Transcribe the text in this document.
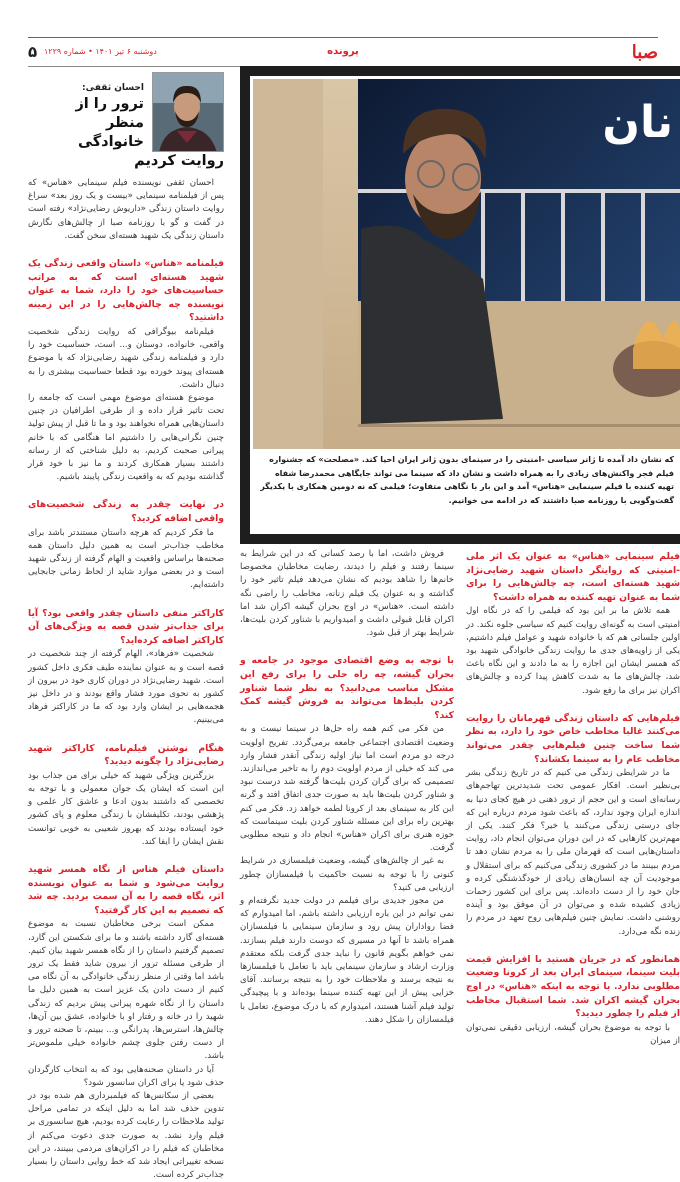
صبا
پرونده
دوشنبه ۶ تیر ۱۴۰۱ • شماره ۱۲۲۹
۵
احسان ثقفی:
ترور را از منظر خانوادگی روایت کردیم

احسان ثقفی نویسنده فیلم سینمایی «هناس» که پس از فیلمنامه سینمایی «بیست و یک روز بعد» سراغ روایت داستان زندگی «داریوش رضایی‌نژاد» رفته است در گفت و گو با روزنامه صبا از چالش‌های نگارش داستان زندگی یک شهید هسته‌ای سخن گفت.

فیلمنامه «هناس» داستان واقعی زندگی یک شهید هسته‌ای است که به مراتب حساسیت‌های خود را دارد، شما به عنوان نویسنده چه چالش‌هایی را در این زمینه داشتید؟

فیلم‌نامه بیوگرافی که روایت زندگی شخصیت واقعی، خانواده، دوستان و... است، حساسیت خود را دارد و فیلمنامه زندگی شهید رضایی‌نژاد که با موضوع هسته‌ای پیوند خورده بود قطعا حساسیت بیشتری را به دنبال داشت.

موضوع هسته‌ای موضوع مهمی است که جامعه را تحت تاثیر قرار داده و از طرفی اطرافیان در چنین داستان‌هایی همراه نخواهند بود و ما تا قبل از پیش تولید چنین نگرانی‌هایی را داشتیم اما هنگامی که با خانم پیرانی صحبت کردیم، به دلیل شناختی که از رسانه داشتند بسیار همکاری کردند و ما نیز با خود قرار گذاشته بودیم که به واقعیت زندگی پایبند باشیم.

در نهایت چقدر به زندگی شخصیت‌های واقعی اضافه کردید؟

ما فکر کردیم که هرچه داستان مستندتر باشد برای مخاطب جذاب‌تر است به همین دلیل داستان همه صحنه‌ها براساس واقعیت و الهام گرفته از زندگی شهید است و در بعضی موارد شاید از لحاظ زمانی جابجایی داشته‌ایم.

کاراکتر منفی داستان چقدر واقعی بود؟ آیا برای جذاب‌تر شدن قصه به ویژگی‌های آن کاراکتر اضافه کرده‌اید؟

شخصیت «فرهاد»، الهام گرفته از چند شخصیت در قصه است و به عنوان نماینده طیف فکری داخل کشور است. شهید رضایی‌نژاد در دوران کاری خود در بیرون از کشور به نحوی مورد فشار واقع بودند و در داخل نیز هجمه‌هایی بر ایشان وارد بود که ما در کاراکتر فرهاد می‌بینیم.

هنگام نوشتن فیلم‌نامه، کاراکتر شهید رضایی‌نژاد را چگونه دیدید؟

بزرگترین ویژگی شهید که خیلی برای من جذاب بود این است که ایشان یک جوان معمولی و با توجه به تخصصی که داشتند بدون ادعا و عاشق کار علمی و پژهشی بودند، تکلیفشان با زندگی معلوم و پای کشور خود ایستاده بودند که بهروز شعیبی به خوبی توانست نقش ایشان را ایفا کند.

داستان فیلم هناس از نگاه همسر شهید روایت می‌شود و شما به عنوان نویسنده اثر، نگاه قصه را به آن سمت بردید. چه شد که تصمیم به این کار گرفتید؟

ممکن است برخی مخاطبان نسبت به موضوع هسته‌ای گارد داشته باشند و ما برای شکستن این گارد، تصمیم گرفتیم داستان را از نگاه همسر شهید بیان کنیم. از طرفی مسئله ترور از بیرون شاید فقط یک ترور باشد اما وقتی از منظر زندگی خانوادگی به آن نگاه می کنیم از دست دادن یک عزیز است به همین دلیل ما داستان را از نگاه شهره پیرانی پیش بردیم که زندگی شهید را در خانه و رفتار او با خانواده، عشق بین آن‌ها، چالش‌ها، استرس‌ها، پدرانگی و... ببینم، تا صحنه ترور و از دست رفتن جلوی چشم خانواده خیلی ملموس‌تر باشد.

آیا در داستان صحنه‌هایی بود که به انتخاب کارگردان حذف شود یا برای اکران سانسور شود؟

بعضی از سکانس‌ها که فیلمبرداری هم شده بود در تدوین حذف شد اما به دلیل اینکه در تمامی مراحل تولید ملاحظات را رعایت کرده بودیم، هیچ سانسوری بر فیلم وارد نشد. به صورت جدی دعوت می‌کنم از مخاطبان که فیلم را در اکران‌های مردمی ببینند، در این نسخه تغییراتی ایجاد شد که خط روایی داستان را بسیار جذاب‌تر کرده است.

نان
که نشان داد آمده تا ژانر سیاسی -امنیتی را در سینمای بدون ژانر ایران احیا کند. «مصلحت» که جشنواره فیلم فجر واکنش‌های زیادی را به همراه داشت و نشان داد که سینما می تواند جایگاهی محمدرضا شفاه تهیه کننده با فیلم سینمایی «هناس» آمد و این بار با نگاهی متفاوت؛ فیلمی که نه دومین همکاری با یکدیگر گفت‌وگویی با روزنامه صبا داشتند که در ادامه می خوانیم.

فروش داشت، اما با رصد کسانی که در این شرایط به سینما رفتند و فیلم را دیدند، رضایت مخاطبان مخصوصا خانم‌ها را شاهد بودیم که نشان می‌دهد فیلم تاثیر خود را گذاشته و به عنوان یک فیلم زنانه، مخاطب را راضی نگه داشته است. «هناس» در اوج بحران گیشه اکران شد اما اکران قابل قبولی داشت و امیدواریم با شناور کردن بلیت‌ها، شرایط بهتر از قبل شود.

با توجه به وضع اقتصادی موجود در جامعه و بحران گیشه، چه راه حلی را برای رفع این مشکل مناسب می‌دانید؟ به نظر شما شناور کردن بلیط‌ها می‌تواند به فروش گیشه کمک کند؟

من فکر می کنم همه راه حل‌ها در سینما نیست و به وضعیت اقتصادی اجتماعی جامعه برمی‌گردد. تفریح اولویت درجه دو مردم است اما نیاز اولیه زندگی آنقدر فشار وارد می کند که خیلی از مردم اولویت دوم را به تاخیر می‌اندازند. تصمیمی که برای گران کردن بلیت‌ها گرفته شد درست نبود و شناور کردن بلیت‌ها باید به صورت جدی اتفاق افتد و گرنه این کار به سینمای بعد از کرونا لطمه خواهد زد. فکر می کنم بهترین راه برای این مسئله شناور کردن بلیت سینماست که حوزه هنری برای اکران «هناس» انجام داد و نتیجه مطلوبی گرفت.

به غیر از چالش‌های گیشه، وضعیت فیلمسازی در شرایط کنونی را با توجه به نسبت حاکمیت با فیلمسازان چطور ارزیابی می کنید؟

من مجوز جدیدی برای فیلمم در دولت جدید نگرفته‌ام و نمی توانم در این باره ارزیابی داشته باشم، اما امیدوارم که فضا رواداران پیش رود و سازمان سینمایی با فیلمسازان همراه باشد تا آنها در مسیری که دوست دارند فیلم بسازند. نمی خواهم بگویم قانون را نباید جدی گرفت بلکه معتقدم وزارت ارشاد و سازمان سینمایی باید با تعامل با فیلمسازها به نتیجه برسند و ملاحظات خود را به نتیجه برسانند. آقای خزایی پیش از این تهیه کننده سینما بوده‌اند و با پیچیدگی تولید فیلم آشنا هستند، امیدوارم که با درک موضوع، تعامل با فیلمسازان را شکل دهند.

فیلم سینمایی «هناس» به عنوان یک اثر ملی -امنیتی که روایتگر داستان شهید رضایی‌نژاد شهید هسته‌ای است، چه چالش‌هایی را برای شما به عنوان تهیه کننده به همراه داشت؟

همه تلاش ما بر این بود که فیلمی را که در نگاه اول امنیتی است به گونه‌ای روایت کنیم که سیاسی جلوه نکند. در اولین جلساتی هم که با خانواده شهید و عوامل فیلم داشتیم، یکی از زاویه‌های جدی ما روایت زندگی خانوادگی شهید بود که همسر ایشان این اجازه را به ما دادند و این نگاه باعث شد، چالش‌های ما به شدت کاهش پیدا کرده و چالش‌های اکران نیز برای ما رفع شود.

فیلم‌هایی که داستان زندگی قهرمانان را روایت می‌کنند غالبا مخاطب خاص خود را دارد، به نظر شما ساخت چنین فیلم‌هایی چقدر می‌تواند مخاطب عام را به سینما بکشاند؟

ما در شرایطی زندگی می کنیم که در تاریخ زندگی بشر بی‌نظیر است. افکار عمومی تحت شدیدترین تهاجم‌های رسانه‌ای است و این حجم از ترور ذهنی در هیچ کجای دنیا به اندازه ایران وجود ندارد، که باعث شود مردم درباره این که جای درستی زندگی می‌کنند یا خیر؟ فکر کنند. یکی از مهم‌ترین کارهایی که در این دوران می‌توان انجام داد، روایت داستان‌هایی است که قهرمان ملی را به مردم نشان دهد تا مردم ببینند ما در کشوری زندگی می‌کنیم که برای استقلال و موجودیت آن چه انسان‌های زیادی از خودگذشتگی کرده و جان خود را از دست داده‌اند. پس برای این کشور زحمات زیادی کشیده شده و می‌توان در آن موفق بود و آینده روشنی داشت. نمایش چنین فیلم‌هایی روح تعهد در مردم را زنده نگه می‌دارد.

همانطور که در جریان هستید با افزایش قیمت بلیت سینما، سینمای ایران بعد از کرونا وضعیت مطلوبی ندارد. با توجه به اینکه «هناس» در اوج بحران گیشه اکران شد. شما استقبال مخاطب از فیلم را چطور دیدید؟

با توجه به موضوع بحران گیشه، ارزیابی دقیقی نمی‌توان از میزان
